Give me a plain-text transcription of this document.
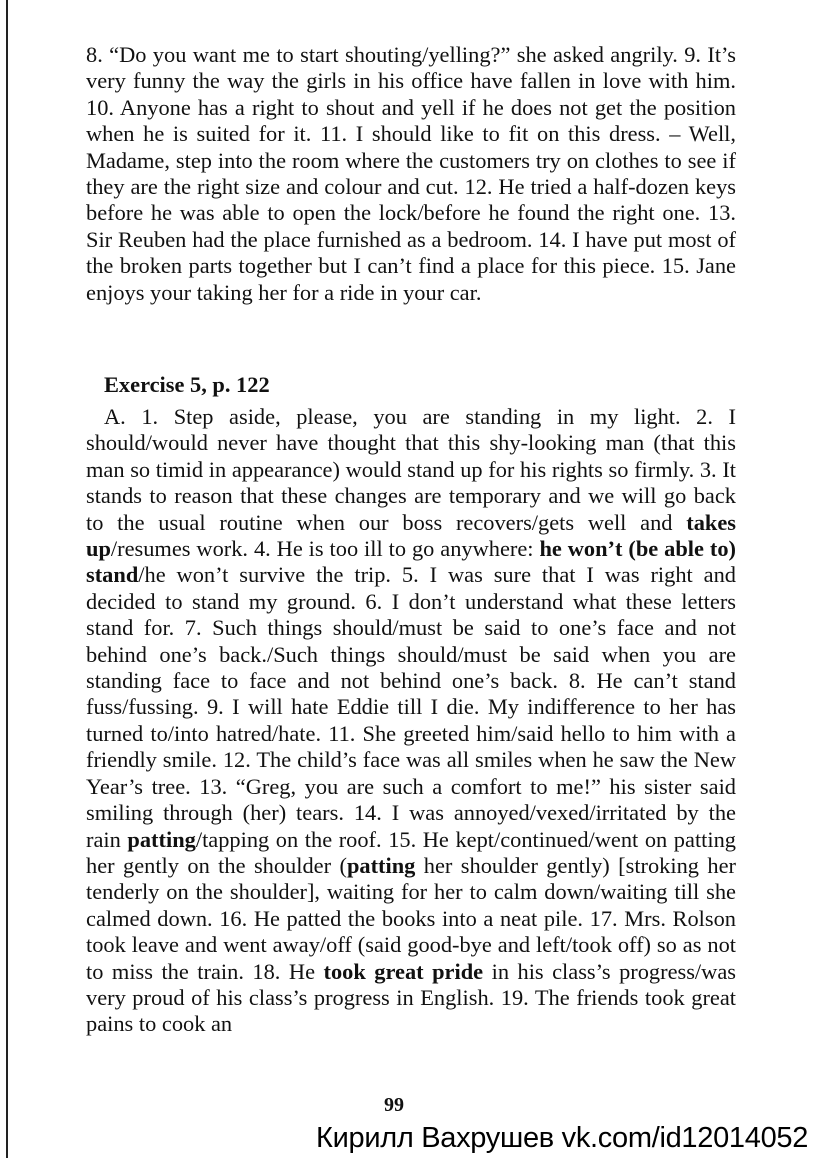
8. “Do you want me to start shouting/yelling?” she asked angrily. 9. It’s very funny the way the girls in his office have fallen in love with him. 10. Anyone has a right to shout and yell if he does not get the position when he is suited for it. 11. I should like to fit on this dress. – Well, Madame, step into the room where the customers try on clothes to see if they are the right size and colour and cut. 12. He tried a half-dozen keys before he was able to open the lock/before he found the right one. 13. Sir Reuben had the place furnished as a bedroom. 14. I have put most of the broken parts together but I can’t find a place for this piece. 15. Jane enjoys your taking her for a ride in your car.
Exercise 5, p. 122
A. 1. Step aside, please, you are standing in my light. 2. I should/would never have thought that this shy-looking man (that this man so timid in appearance) would stand up for his rights so firmly. 3. It stands to reason that these changes are temporary and we will go back to the usual routine when our boss recovers/gets well and takes up/resumes work. 4. He is too ill to go anywhere: he won’t (be able to) stand/he won’t survive the trip. 5. I was sure that I was right and decided to stand my ground. 6. I don’t understand what these letters stand for. 7. Such things should/must be said to one’s face and not behind one’s back./Such things should/must be said when you are standing face to face and not behind one’s back. 8. He can’t stand fuss/fussing. 9. I will hate Eddie till I die. My indifference to her has turned to/into hatred/hate. 11. She greeted him/said hello to him with a friendly smile. 12. The child’s face was all smiles when he saw the New Year’s tree. 13. “Greg, you are such a comfort to me!” his sister said smiling through (her) tears. 14. I was annoyed/vexed/irritated by the rain patting/tapping on the roof. 15. He kept/continued/went on patting her gently on the shoulder (patting her shoulder gently) [stroking her tenderly on the shoulder], waiting for her to calm down/waiting till she calmed down. 16. He patted the books into a neat pile. 17. Mrs. Rolson took leave and went away/off (said good-bye and left/took off) so as not to miss the train. 18. He took great pride in his class’s progress/was very proud of his class’s progress in English. 19. The friends took great pains to cook an
99
Кирилл Вахрушев vk.com/id12014052
